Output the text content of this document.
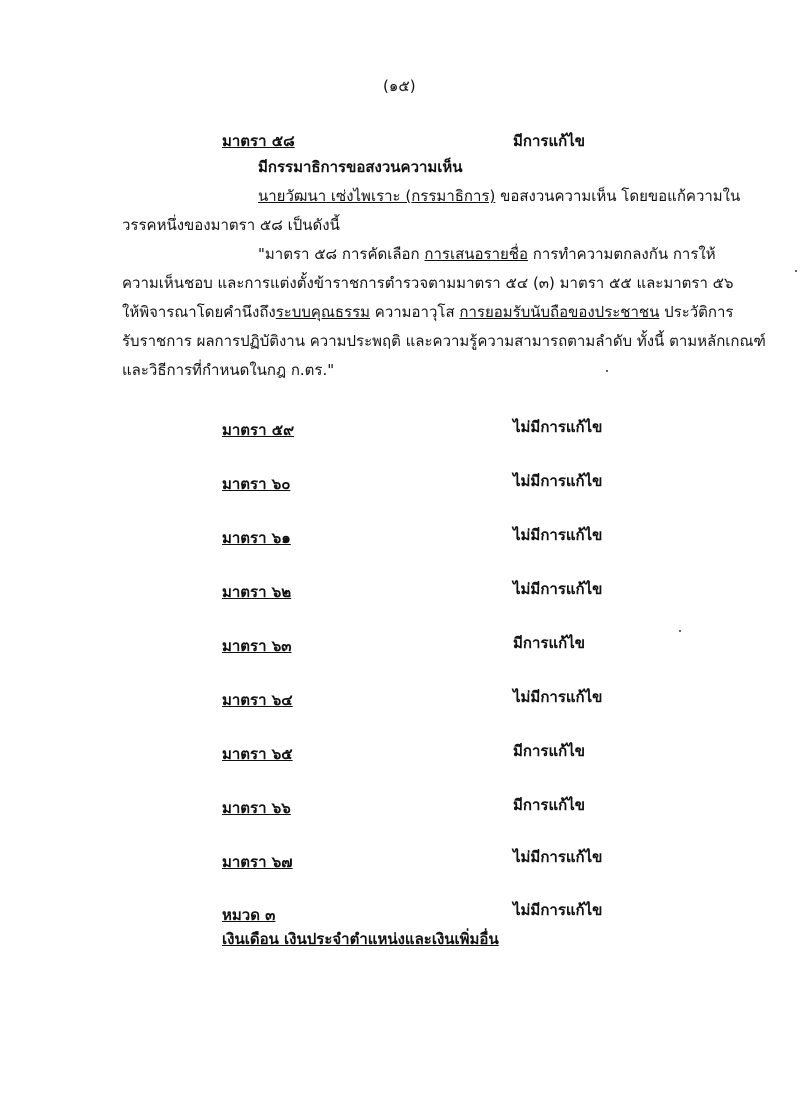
(๑๕)
มาตรา ๕๘	มีการแก้ไข
มีกรรมาธิการขอสงวนความเห็น
นายวัฒนา เซ่งไพเราะ (กรรมาธิการ) ขอสงวนความเห็น โดยขอแก้ความใน
วรรคหนึ่งของมาตรา ๕๘ เป็นดังนี้
"มาตรา ๕๘ การคัดเลือก การเสนอรายชื่อ การทำความตกลงกัน การให้
ความเห็นชอบ และการแต่งตั้งข้าราชการตำรวจตามมาตรา ๕๔ (๓) มาตรา ๕๕ และมาตรา ๕๖
ให้พิจารณาโดยคำนึงถึงระบบคุณธรรม ความอาวุโส การยอมรับนับถือของประชาชน ประวัติการ
รับราชการ ผลการปฏิบัติงาน ความประพฤติ และความรู้ความสามารถตามลำดับ ทั้งนี้ ตามหลักเกณฑ์
และวิธีการที่กำหนดในกฎ ก.ตร."
มาตรา ๕๙	ไม่มีการแก้ไข
มาตรา ๖๐	ไม่มีการแก้ไข
มาตรา ๖๑	ไม่มีการแก้ไข
มาตรา ๖๒	ไม่มีการแก้ไข
มาตรา ๖๓	มีการแก้ไข
มาตรา ๖๔	ไม่มีการแก้ไข
มาตรา ๖๕	มีการแก้ไข
มาตรา ๖๖	มีการแก้ไข
มาตรา ๖๗	ไม่มีการแก้ไข
หมวด ๓	ไม่มีการแก้ไข
เงินเดือน เงินประจำตำแหน่งและเงินเพิ่มอื่น
